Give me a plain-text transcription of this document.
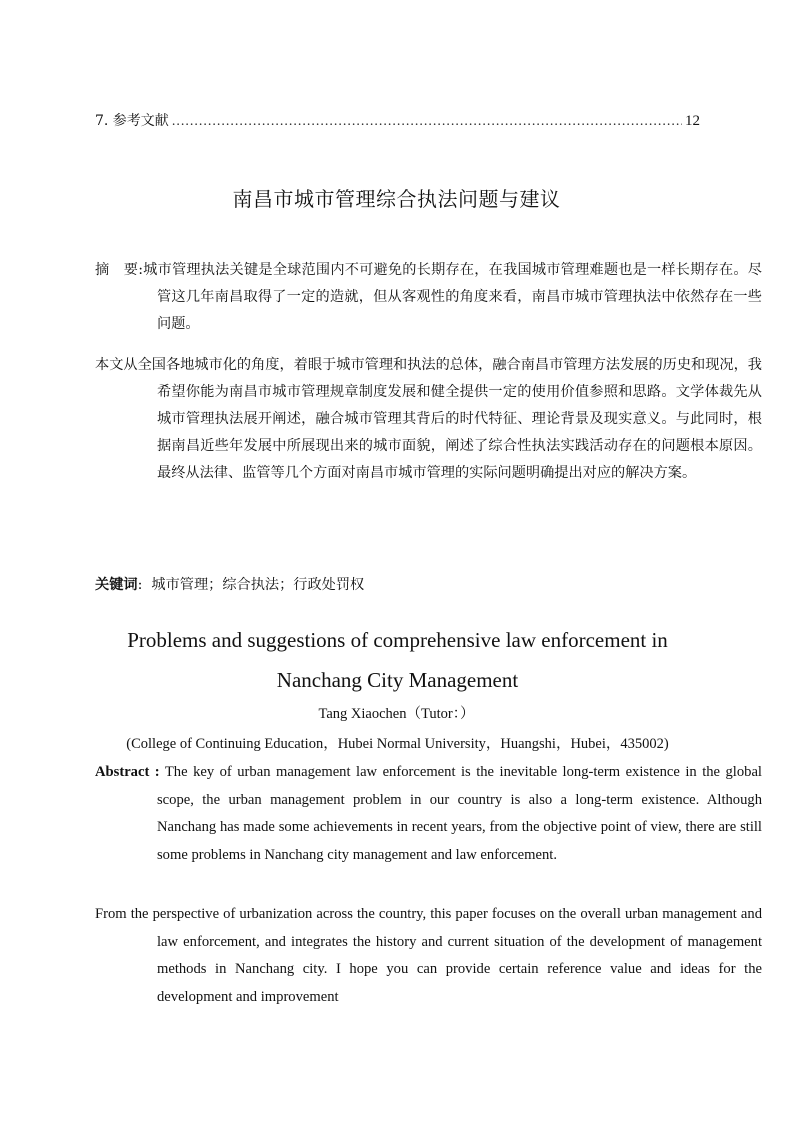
7. 参考文献
.....	12
南昌市城市管理综合执法问题与建议
摘　要:城市管理执法关键是全球范围内不可避免的长期存在，在我国城市管理难题也是一样长期存在。尽管这几年南昌取得了一定的造就，但从客观性的角度来看，南昌市城市管理执法中依然存在一些问题。
本文从全国各地城市化的角度，着眼于城市管理和执法的总体，融合南昌市管理方法发展的历史和现况，我希望你能为南昌市城市管理规章制度发展和健全提供一定的使用价值参照和思路。文学体裁先从城市管理执法展开阐述，融合城市管理其背后的时代特征、理论背景及现实意义。与此同时，根据南昌近些年发展中所展现出来的城市面貌，阐述了综合性执法实践活动存在的问题根本原因。最终从法律、监管等几个方面对南昌市城市管理的实际问题明确提出对应的解决方案。
关键词: 城市管理；综合执法；行政处罚权
Problems and suggestions of comprehensive law enforcement in
Nanchang City Management
Tang Xiaochen（Tutor：）
(College of Continuing Education，Hubei Normal University，Huangshi，Hubei，435002)
Abstract : The key of urban management law enforcement is the inevitable long-term existence in the global scope, the urban management problem in our country is also a long-term existence. Although Nanchang has made some achievements in recent years, from the objective point of view, there are still some problems in Nanchang city management and law enforcement.
From the perspective of urbanization across the country, this paper focuses on the overall urban management and law enforcement, and integrates the history and current situation of the development of management methods in Nanchang city. I hope you can provide certain reference value and ideas for the development and improvement
